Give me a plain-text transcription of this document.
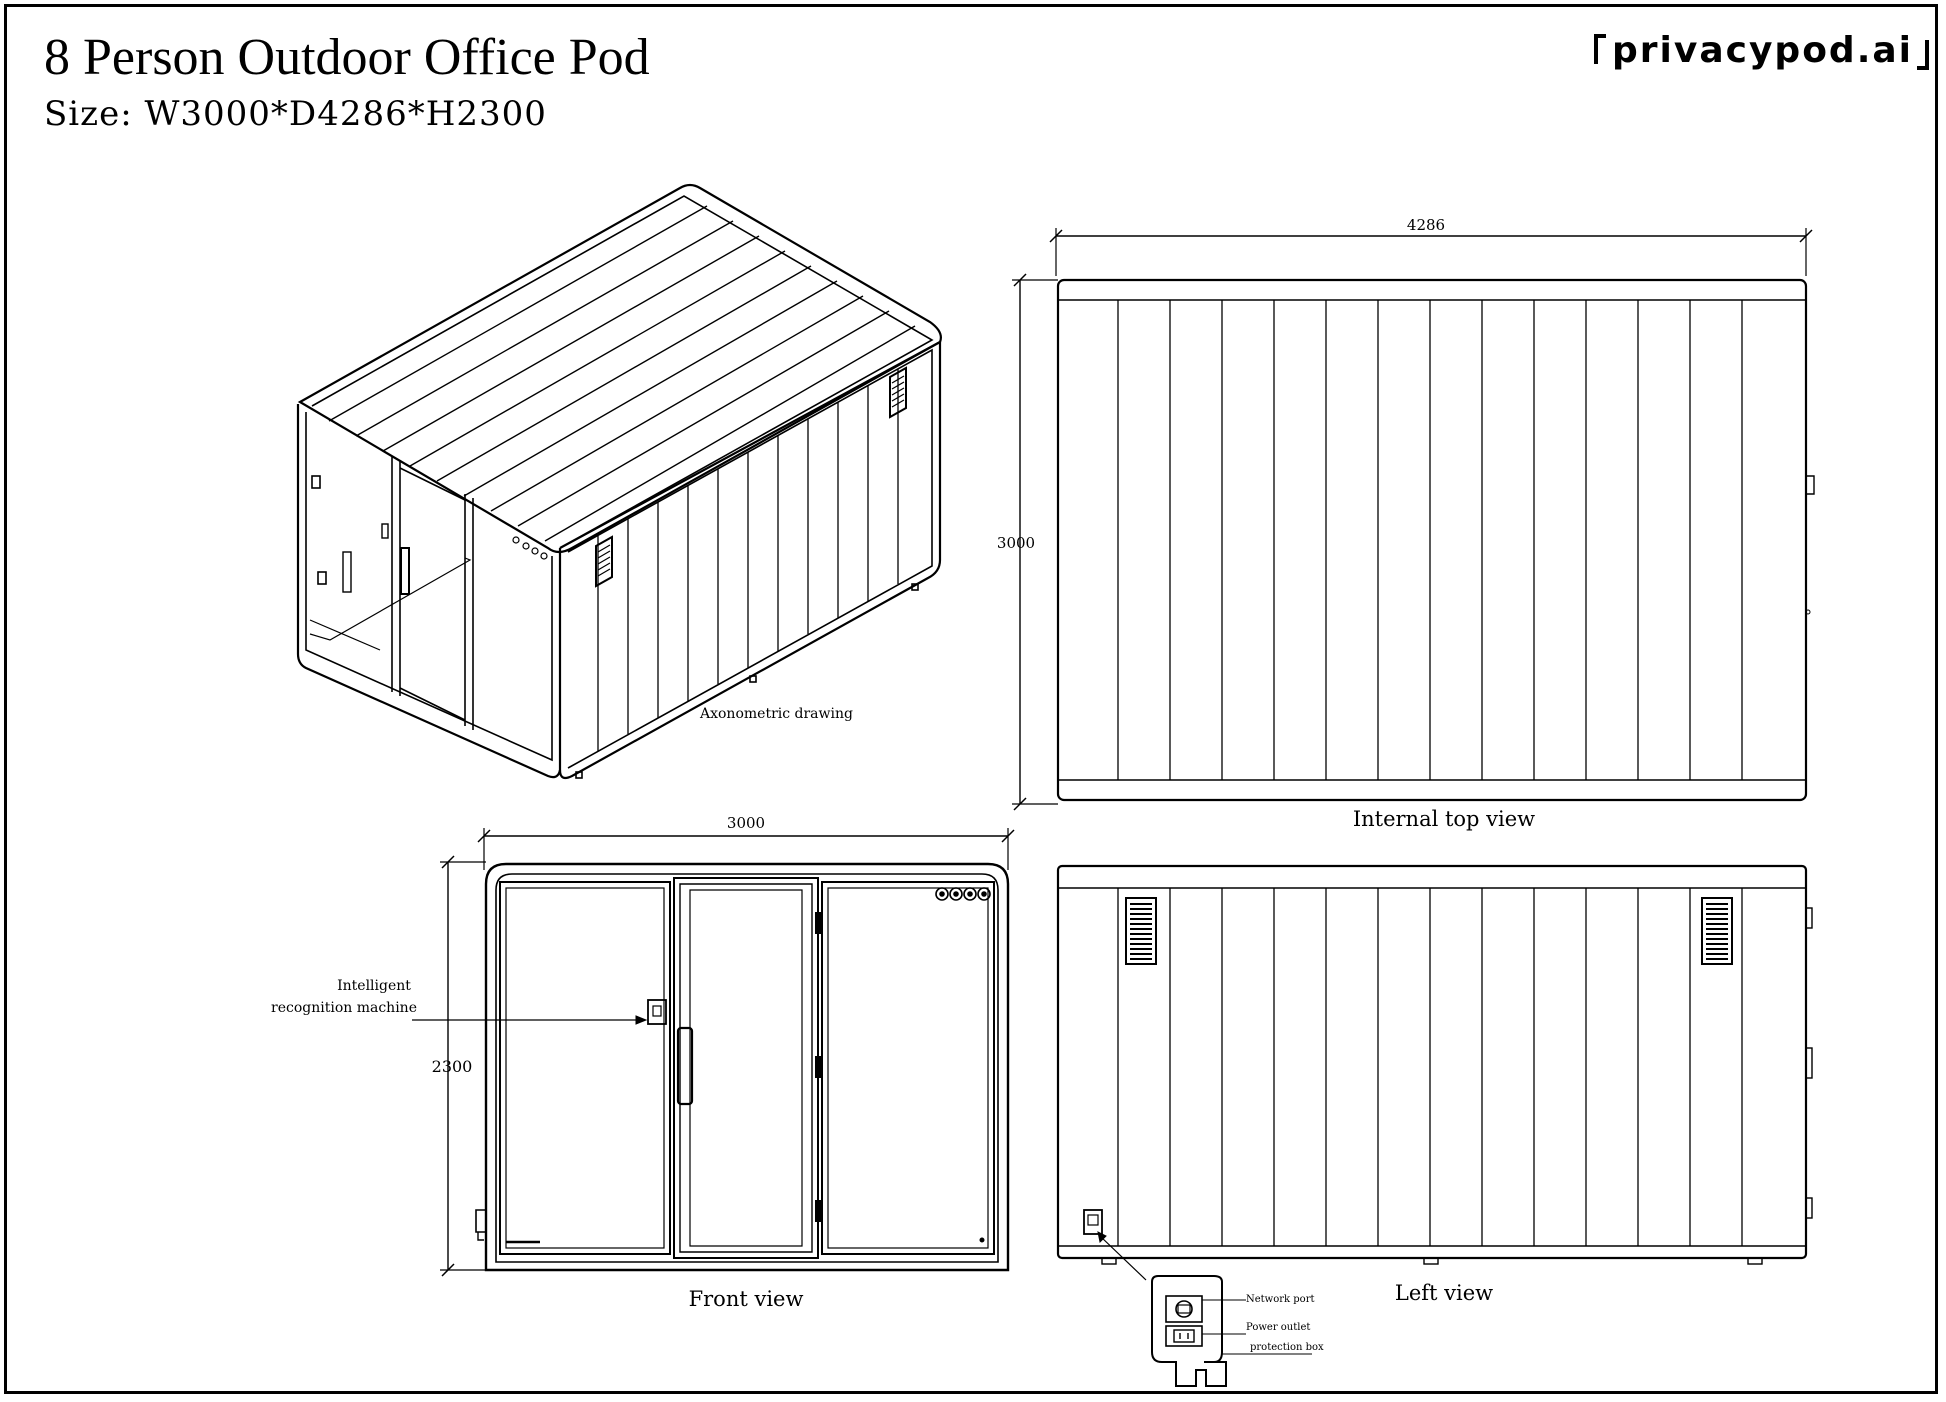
8 Person Outdoor Office Pod
Size: W3000*D4286*H2300
privacypod.ai
Axonometric drawing
4286
3000
Internal top view
3000
2300
Intelligent
recognition machine
Front view	Network port
Power outlet
protection box
Left view
